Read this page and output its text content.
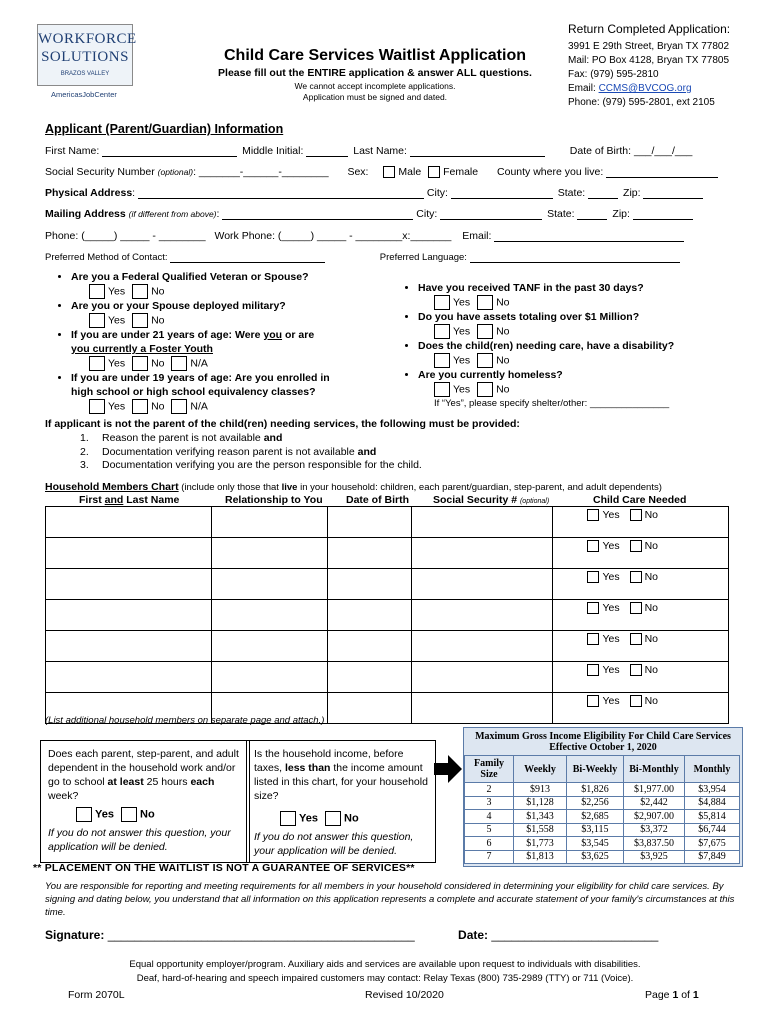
WORKFORCE
SOLUTIONS
BRAZOS VALLEY
AmericasJobCenter
Child Care Services Waitlist Application
Please fill out the ENTIRE application & answer ALL questions.
We cannot accept incomplete applications.
Application must be signed and dated.
Return Completed Application:
3991 E 29th Street, Bryan TX 77802
Mail: PO Box 4128, Bryan TX 77805
Fax: (979) 595-2810
Email: CCMS@BVCOG.org
Phone: (979) 595-2801, ext 2105
Applicant (Parent/Guardian) Information
First Name:	Middle Initial:	Last Name:	Date of Birth: ___/___/___
Social Security Number (optional): _______-______-________ Sex:	Male Female County where you live:
Physical Address:	City:	State:	Zip:
Mailing Address (if different from above):	City:	State:	Zip:
Phone: (_____) _____ - ________ Work Phone: (_____) _____ - ________x:_______ Email:
Preferred Method of Contact:	Preferred Language:
Are you a Federal Qualified Veteran or Spouse?
Yes No
Are you or your Spouse deployed military?
Yes No
If you are under 21 years of age: Were you or are
you currently a Foster Youth
Yes No N/A
If you are under 19 years of age: Are you enrolled in
high school or high school equivalency classes?
Yes No N/A
Have you received TANF in the past 30 days?
Yes No
Do you have assets totaling over $1 Million?
Yes No
Does the child(ren) needing care, have a disability?
Yes No
Are you currently homeless?
Yes No
If “Yes”, please specify shelter/other: _______________
If applicant is not the parent of the child(ren) needing services, the following must be provided:
1. Reason the parent is not available and
2. Documentation verifying reason parent is not available and
3. Documentation verifying you are the person responsible for the child.
Household Members Chart (include only those that live in your household: children, each parent/guardian, step-parent, and adult dependents)
First and Last Name	Relationship to You Date of Birth Social Security # (optional)	Child Care Needed
				Yes No
				Yes No
				Yes No
				Yes No
				Yes No
				Yes No
				Yes No
(List additional household members on separate page and attach.)
Does each parent, step-parent, and adult dependent in the household work and/or go to school at least 25 hours each week?
Yes No
If you do not answer this question, your application will be denied.
Is the household income, before taxes, less than the income amount listed in this chart, for your household size?
Yes No
If you do not answer this question, your application will be denied.
Maximum Gross Income Eligibility For Child Care Services
Effective October 1, 2020
Family Size	Weekly	Bi-Weekly	Bi-Monthly	Monthly
2	$913	$1,826	$1,977.00	$3,954
3	$1,128	$2,256	$2,442	$4,884
4	$1,343	$2,685	$2,907.00	$5,814
5	$1,558	$3,115	$3,372	$6,744
6	$1,773	$3,545	$3,837.50	$7,675
7	$1,813	$3,625	$3,925	$7,849
** PLACEMENT ON THE WAITLIST IS NOT A GUARANTEE OF SERVICES**
You are responsible for reporting and meeting requirements for all members in your household considered in determining your eligibility for child care services. By signing and dating below, you understand that all information on this application represents a complete and accurate statement of your family's circumstances at this time.
Signature: ______________________________________________	Date: _________________________
Equal opportunity employer/program. Auxiliary aids and services are available upon request to individuals with disabilities.
Deaf, hard-of-hearing and speech impaired customers may contact: Relay Texas (800) 735-2989 (TTY) or 711 (Voice).
Form 2070L	Revised 10/2020	Page 1 of 1
